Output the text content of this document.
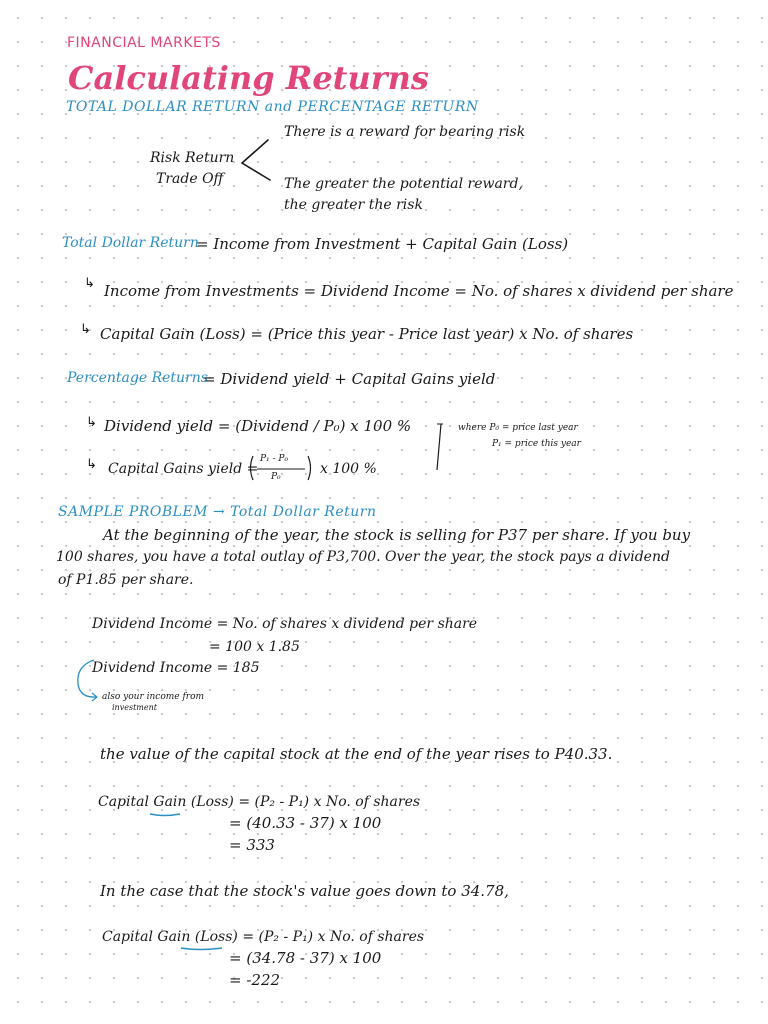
FINANCIAL MARKETS
Calculating Returns
TOTAL DOLLAR RETURN and PERCENTAGE RETURN
Risk Return
Trade Off
There is a reward for bearing risk
The greater the potential reward,
the greater the risk
Total Dollar Return
= Income from Investment + Capital Gain (Loss)
↳ Income from Investments = Dividend Income = No. of shares x dividend per share
↳ Capital Gain (Loss) = (Price this year - Price last year) x No. of shares
Percentage Returns
= Dividend yield + Capital Gains yield
↳ Dividend yield = (Dividend / P₀) x 100 %
↳ Capital Gains yield =
P₁ - P₀
P₀	x 100 %
where P₀ = price last year
P₁ = price this year
SAMPLE PROBLEM → Total Dollar Return
At the beginning of the year, the stock is selling for P37 per share. If you buy
100 shares, you have a total outlay of P3,700. Over the year, the stock pays a dividend
of P1.85 per share.
Dividend Income = No. of shares x dividend per share
= 100 x 1.85
Dividend Income = 185
also your income from
investment
the value of the capital stock at the end of the year rises to P40.33.
Capital Gain (Loss) = (P₂ - P₁) x No. of shares
= (40.33 - 37) x 100
= 333
In the case that the stock's value goes down to 34.78,
Capital Gain (Loss) = (P₂ - P₁) x No. of shares
= (34.78 - 37) x 100
= -222
